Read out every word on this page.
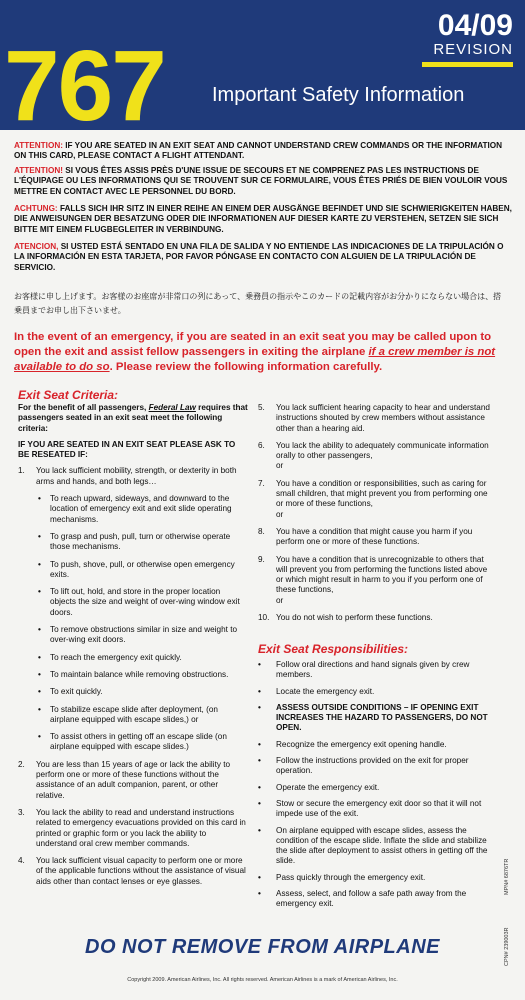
767
04/09
REVISION
Important Safety Information
ATTENTION: IF YOU ARE SEATED IN AN EXIT SEAT AND CANNOT UNDERSTAND CREW COMMANDS OR THE INFORMATION ON THIS CARD, PLEASE CONTACT A FLIGHT ATTENDANT.
ATTENTION! SI VOUS ÊTES ASSIS PRÈS D'UNE ISSUE DE SECOURS ET NE COMPRENEZ PAS LES INSTRUCTIONS DE L'ÉQUIPAGE OU LES INFORMATIONS QUI SE TROUVENT SUR CE FORMULAIRE, VOUS ÊTES PRIÉS DE BIEN VOULOIR VOUS METTRE EN CONTACT AVEC LE PERSONNEL DU BORD.
ACHTUNG: FALLS SICH IHR SITZ IN EINER REIHE AN EINEM DER AUSGÄNGE BEFINDET UND SIE SCHWIERIGKEITEN HABEN, DIE ANWEISUNGEN DER BESATZUNG ODER DIE INFORMATIONEN AUF DIESER KARTE ZU VERSTEHEN, SETZEN SIE SICH BITTE MIT EINEM FLUGBEGLEITER IN VERBINDUNG.
ATENCION, SI USTED ESTÁ SENTADO EN UNA FILA DE SALIDA Y NO ENTIENDE LAS INDICACIONES DE LA TRIPULACIÓN O LA INFORMACIÓN EN ESTA TARJETA, POR FAVOR PÓNGASE EN CONTACTO CON ALGUIEN DE LA TRIPULACIÓN DE SERVICIO.
お客様に申し上げます。お客様のお座席が非常口の列にあって、乗務員の指示やこのカードの記載内容がお分かりにならない場合は、搭乗員までお申し出下さいませ。
In the event of an emergency, if you are seated in an exit seat you may be called upon to open the exit and assist fellow passengers in exiting the airplane if a crew member is not available to do so. Please review the following information carefully.
Exit Seat Criteria:
For the benefit of all passengers, Federal Law requires that passengers seated in an exit seat meet the following criteria:
IF YOU ARE SEATED IN AN EXIT SEAT PLEASE ASK TO BE RESEATED IF:
1.	You lack sufficient mobility, strength, or dexterity in both arms and hands, and both legs…
•	To reach upward, sideways, and downward to the location of emergency exit and exit slide operating mechanisms.
•	To grasp and push, pull, turn or otherwise operate those mechanisms.
•	To push, shove, pull, or otherwise open emergency exits.
•	To lift out, hold, and store in the proper location objects the size and weight of over-wing window exit doors.
•	To remove obstructions similar in size and weight to over-wing exit doors.
•	To reach the emergency exit quickly.
•	To maintain balance while removing obstructions.
•	To exit quickly.
•	To stabilize escape slide after deployment, (on airplane equipped with escape slides,) or
•	To assist others in getting off an escape slide (on airplane equipped with escape slides.)
2.	You are less than 15 years of age or lack the ability to perform one or more of these functions without the assistance of an adult companion, parent, or other relative.
3.	You lack the ability to read and understand instructions related to emergency evacuations provided on this card in printed or graphic form or you lack the ability to understand oral crew member commands.
4.	You lack sufficient visual capacity to perform one or more of the applicable functions without the assistance of visual aids other than contact lenses or eye glasses.
5.	You lack sufficient hearing capacity to hear and understand instructions shouted by crew members without assistance other than a hearing aid.
6.	You lack the ability to adequately communicate information orally to other passengers,
or
7.	You have a condition or responsibilities, such as caring for small children, that might prevent you from performing one or more of these functions,
or
8.	You have a condition that might cause you harm if you perform one or more of these functions.
9.	You have a condition that is unrecognizable to others that will prevent you from performing the functions listed above or which might result in harm to you if you perform one of these functions,
or
10. You do not wish to perform these functions.
Exit Seat Responsibilities:
•	Follow oral directions and hand signals given by crew members.
•	Locate the emergency exit.
•	ASSESS OUTSIDE CONDITIONS – IF OPENING EXIT INCREASES THE HAZARD TO PASSENGERS, DO NOT OPEN.
•	Recognize the emergency exit opening handle.
•	Follow the instructions provided on the exit for proper operation.
•	Operate the emergency exit.
•	Stow or secure the emergency exit door so that it will not impede use of the exit.
•	On airplane equipped with escape slides, assess the condition of the escape slide. Inflate the slide and stabilize the slide after deployment to assist others in getting off the slide.
•	Pass quickly through the emergency exit.
•	Assess, select, and follow a safe path away from the emergency exit.
DO NOT REMOVE FROM AIRPLANE
Copyright 2009. American Airlines, Inc. All rights reserved. American Airlines is a mark of American Airlines, Inc.
MPN# 6876TR
CPN# 239003R
